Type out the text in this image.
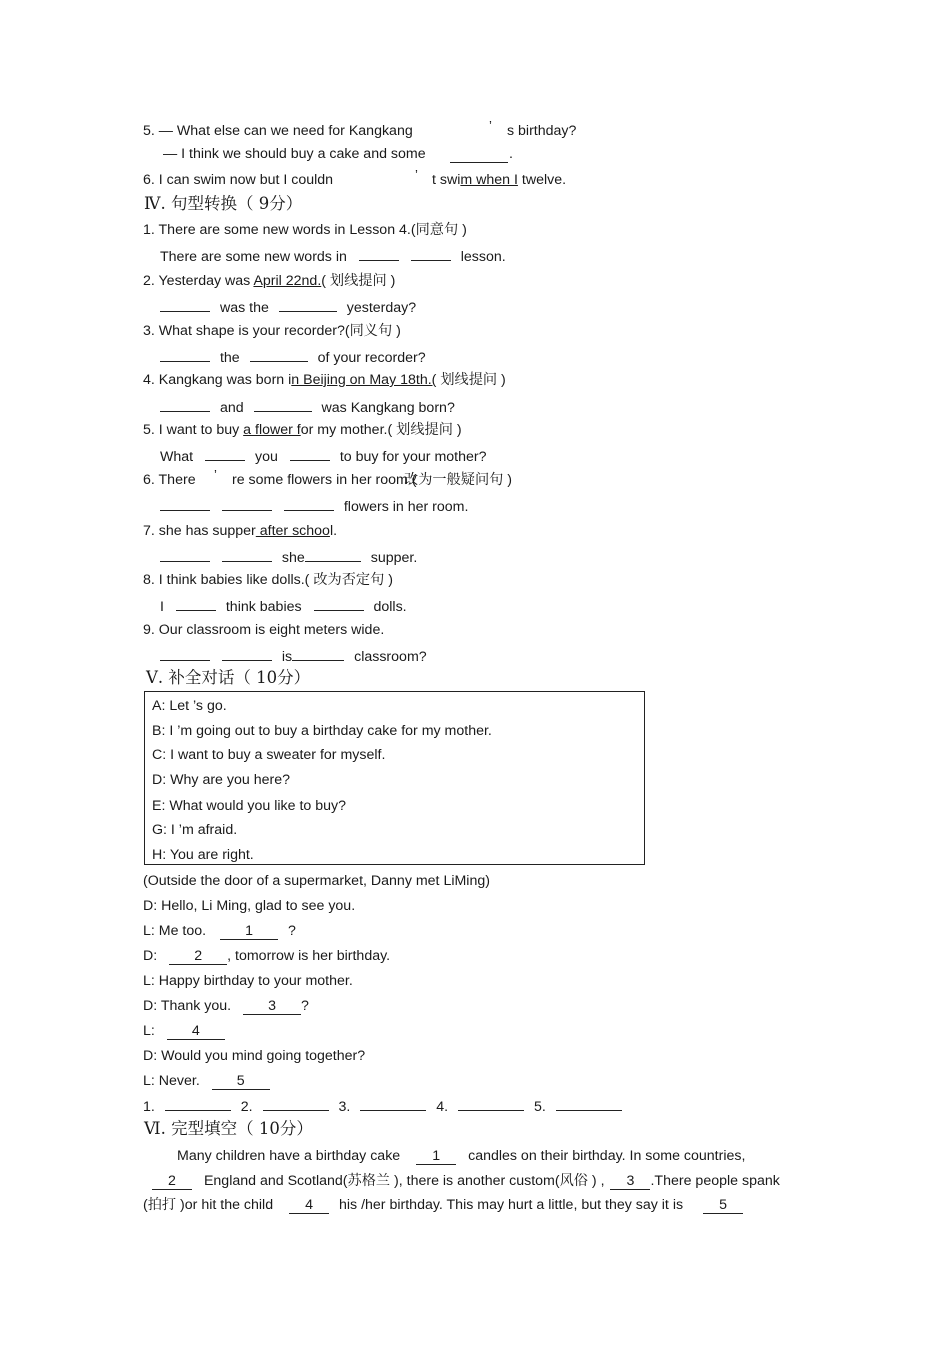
5. — What else can we need for Kangkang	’ s birthday?
— I think we should buy a cake and some	.
6. I can swim now but I couldn	’ t swim when I twelve.
Ⅳ. 句型转换（ 9分）
1. There are some new words in Lesson 4.(同意句 )
There are some new words in	lesson.
2. Yesterday was April 22nd.( 划线提问 )
was the	yesterday?
3. What shape is your recorder?(同义句 )
the	of your recorder?
4. Kangkang was born in Beijing on May 18th.( 划线提问 )
and	was Kangkang born?
5. I want to buy a flower for my mother.( 划线提问 )
What	you	to buy for your mother?
6. There ’ re some flowers in her room.(
改为一般疑问句 )
flowers in her room.
7. she has supper after school.
she	supper.
8. I think babies like dolls.( 改为否定句 )
I	think babies	dolls.
9. Our classroom is eight meters wide.
is	classroom?
Ⅴ. 补全对话（ 10分）
A: Let ’s go.
B: I ’m going out to buy a birthday cake for my mother.
C: I want to buy a sweater for myself.
D: Why are you here?
E: What would you like to buy?
G: I ’m afraid.
H: You are right.
(Outside the door of a supermarket, Danny met LiMing)
D: Hello, Li Ming, glad to see you.
L: Me too.	1 ?
D:	2 , tomorrow is her birthday.
L: Happy birthday to your mother.
D: Thank you.	3 ?
L:	4
D: Would you mind going together?
L: Never.	5
1.	2.	3.	4.	5.
Ⅵ. 完型填空（ 10分）
Many children have a birthday cake 1 candles on their birthday. In some countries,
2 England and Scotland(苏格兰 ), there is another custom(风俗 ) , 3 .There people spank
(拍打 )or hit the child 4 his /her birthday. This may hurt a little, but they say it is	5
